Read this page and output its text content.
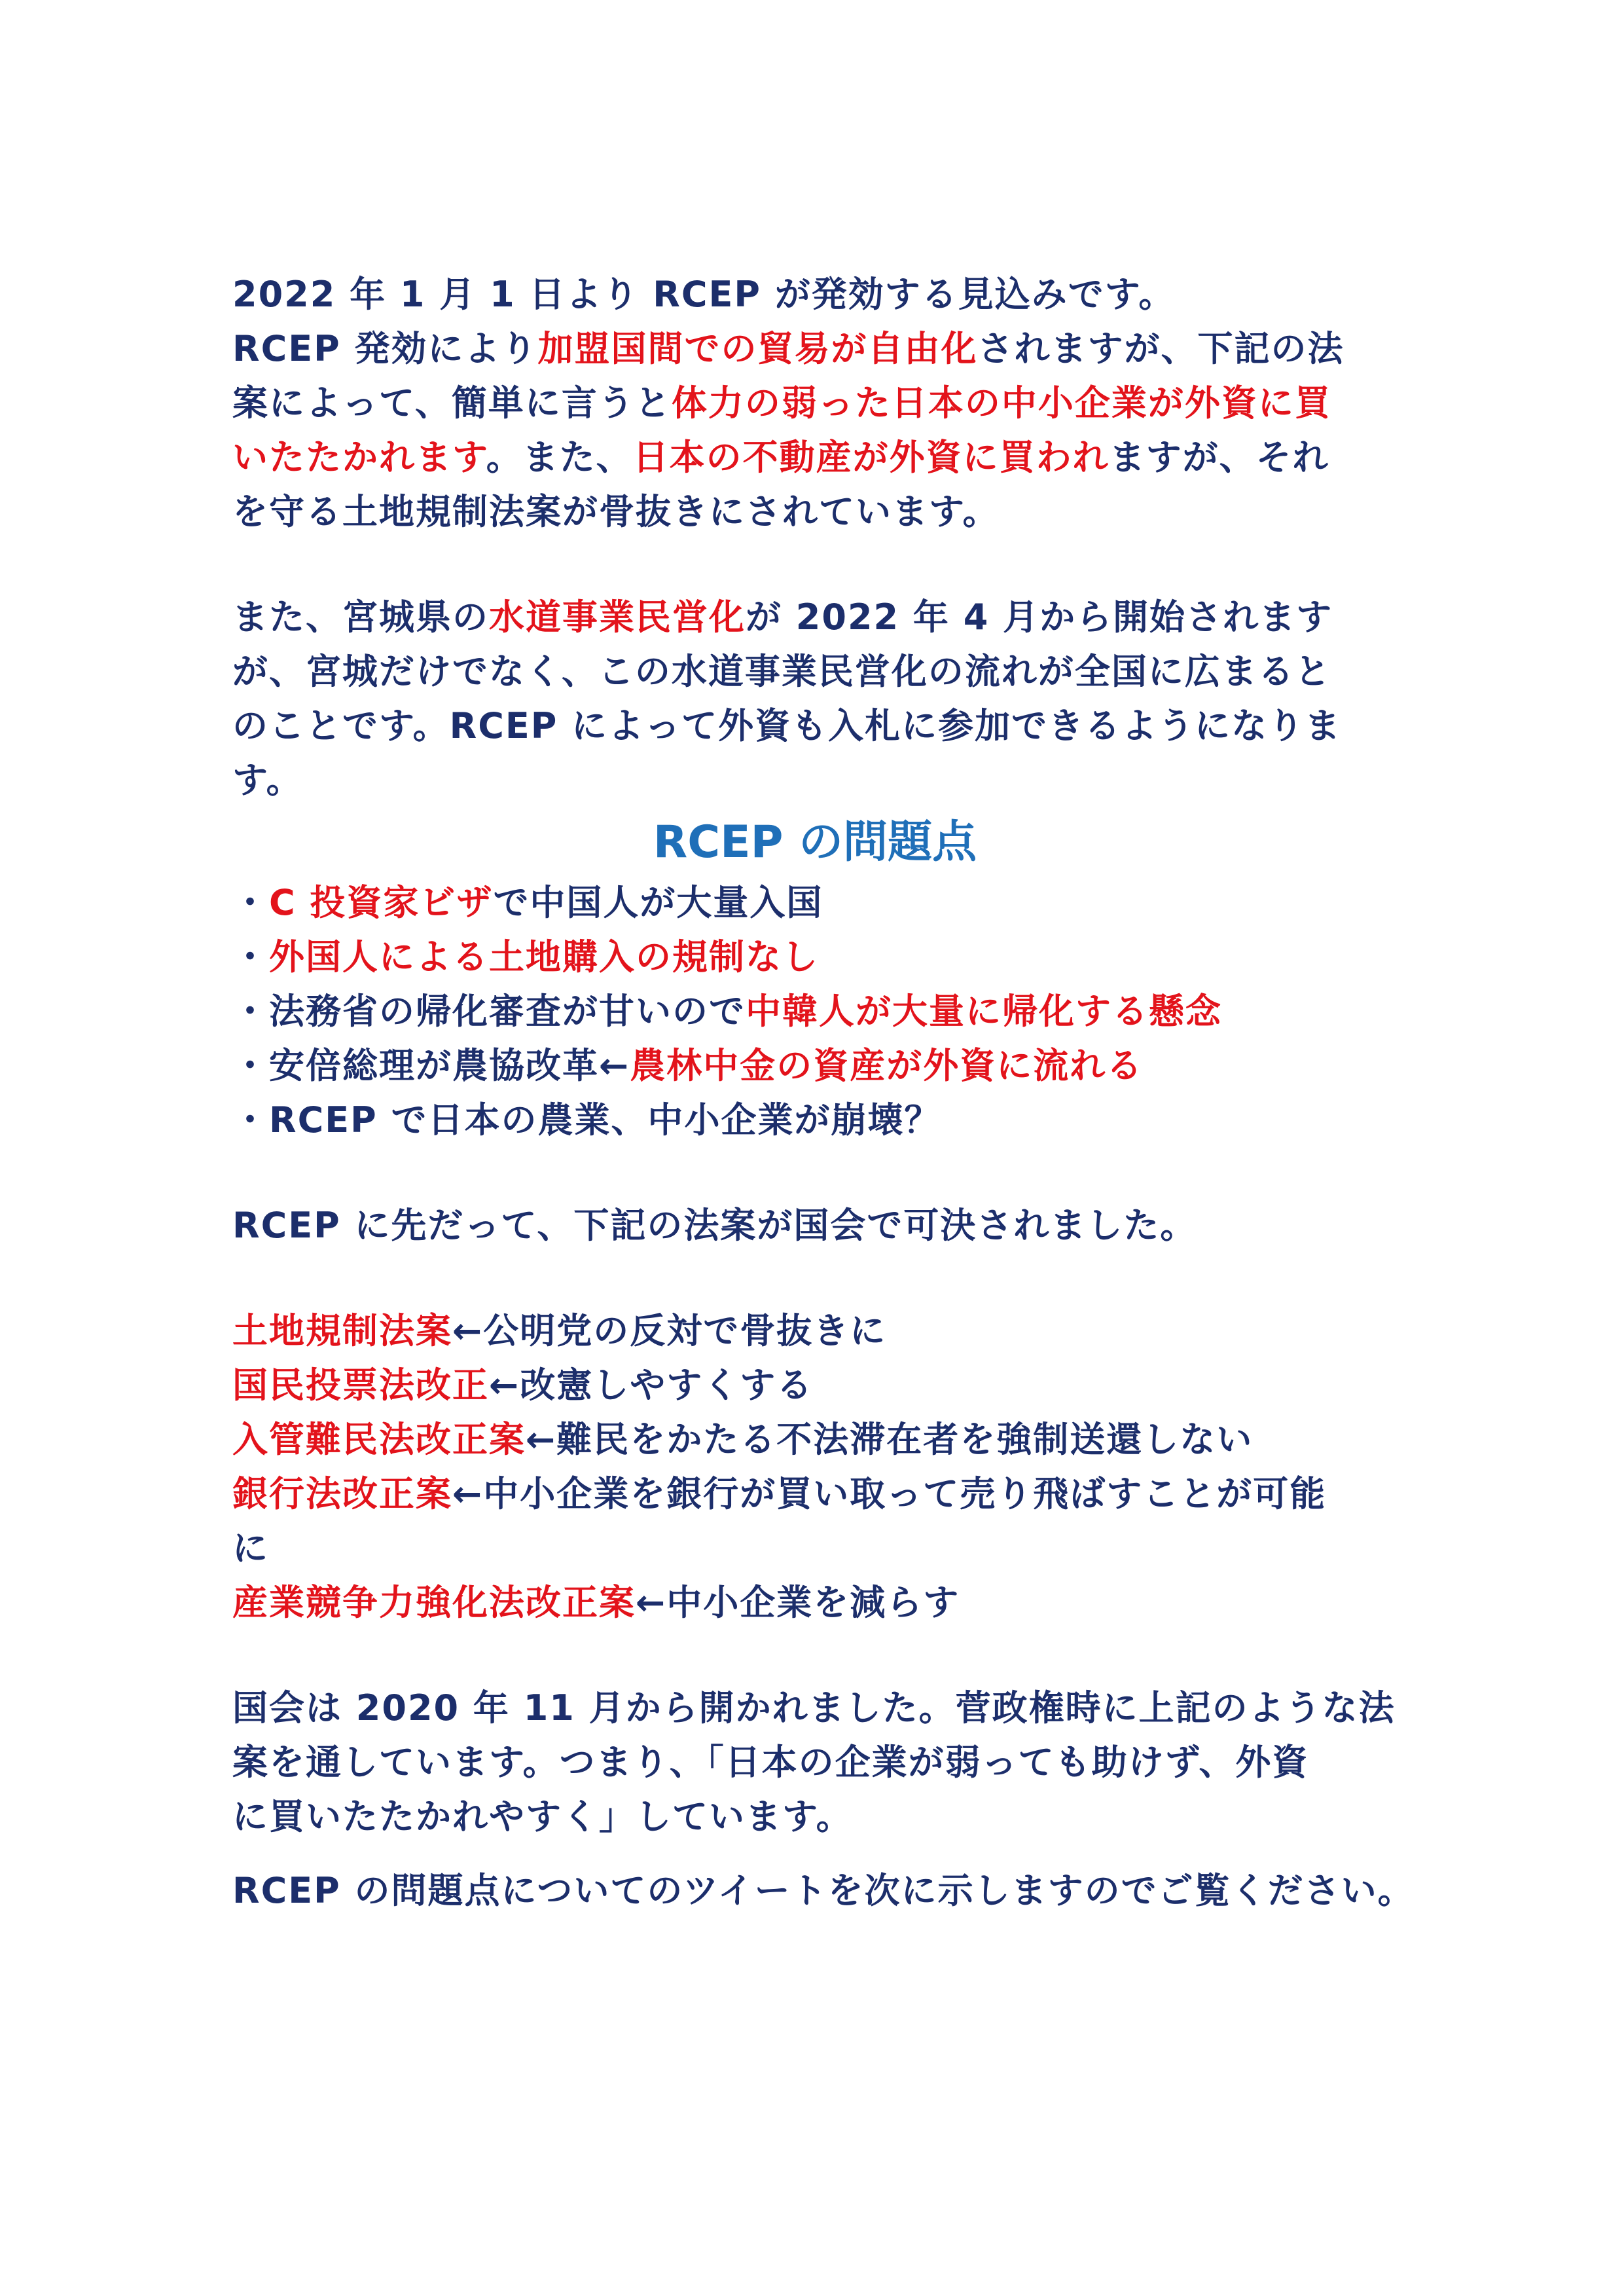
2022 年 1 月 1 日より RCEP が発効する見込みです。
RCEP 発効により加盟国間での貿易が自由化されますが、下記の法
案によって、簡単に言うと体力の弱った日本の中小企業が外資に買
いたたかれます。また、日本の不動産が外資に買われますが、それ
を守る土地規制法案が骨抜きにされています。
また、宮城県の水道事業民営化が 2022 年 4 月から開始されます
が、宮城だけでなく、この水道事業民営化の流れが全国に広まると
のことです。RCEP によって外資も入札に参加できるようになりま
す。
RCEP の問題点
・C 投資家ビザで中国人が大量入国
・外国人による土地購入の規制なし
・法務省の帰化審査が甘いので中韓人が大量に帰化する懸念
・安倍総理が農協改革←農林中金の資産が外資に流れる
・RCEP で日本の農業、中小企業が崩壊？
RCEP に先だって、下記の法案が国会で可決されました。
土地規制法案←公明党の反対で骨抜きに
国民投票法改正←改憲しやすくする
入管難民法改正案←難民をかたる不法滞在者を強制送還しない
銀行法改正案←中小企業を銀行が買い取って売り飛ばすことが可能
に
産業競争力強化法改正案←中小企業を減らす
国会は 2020 年 11 月から開かれました。菅政権時に上記のような法
案を通しています。つまり、「日本の企業が弱っても助けず、外資
に買いたたかれやすく」しています。
RCEP の問題点についてのツイートを次に示しますのでご覧ください。
